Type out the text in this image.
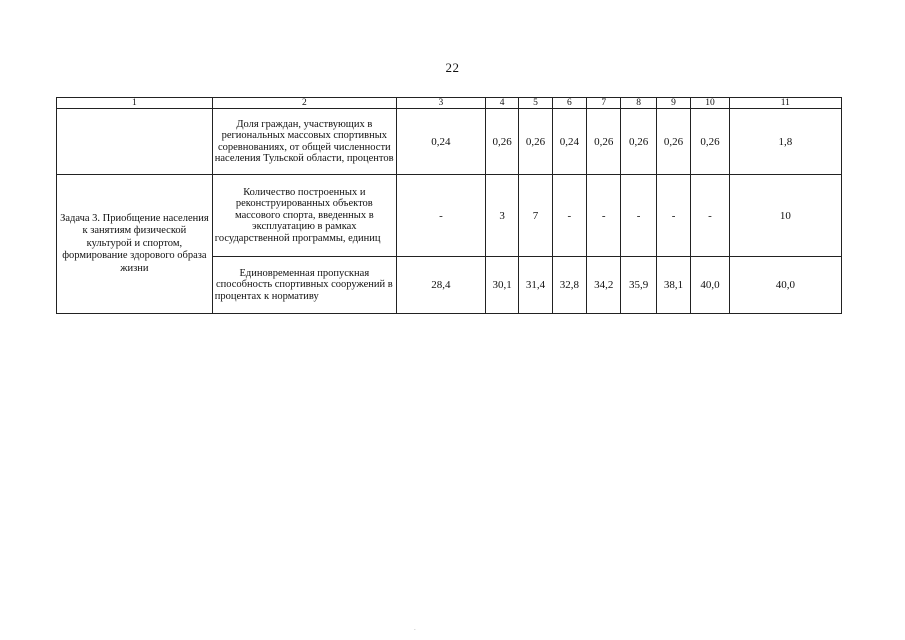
22
1	2	3	4	5	6	7	8	9	10	11
	Доля граждан, участвующих в региональных массовых спортивных соревнованиях, от общей численности населения Тульской области, процентов	0,24	0,26	0,26	0,24	0,26	0,26	0,26	0,26	1,8
Задача 3. Приобщение населения к занятиям физической культурой и спортом, формирование здорового образа жизни	Количество построенных и реконструированных объектов массового спорта, введенных в эксплуатацию в рамках государственной программы, единиц	-	3	7	-	-	-	-	-	10
	Единовременная пропускная способность спортивных сооружений в процентах к нормативу	28,4	30,1	31,4	32,8	34,2	35,9	38,1	40,0	40,0
.
